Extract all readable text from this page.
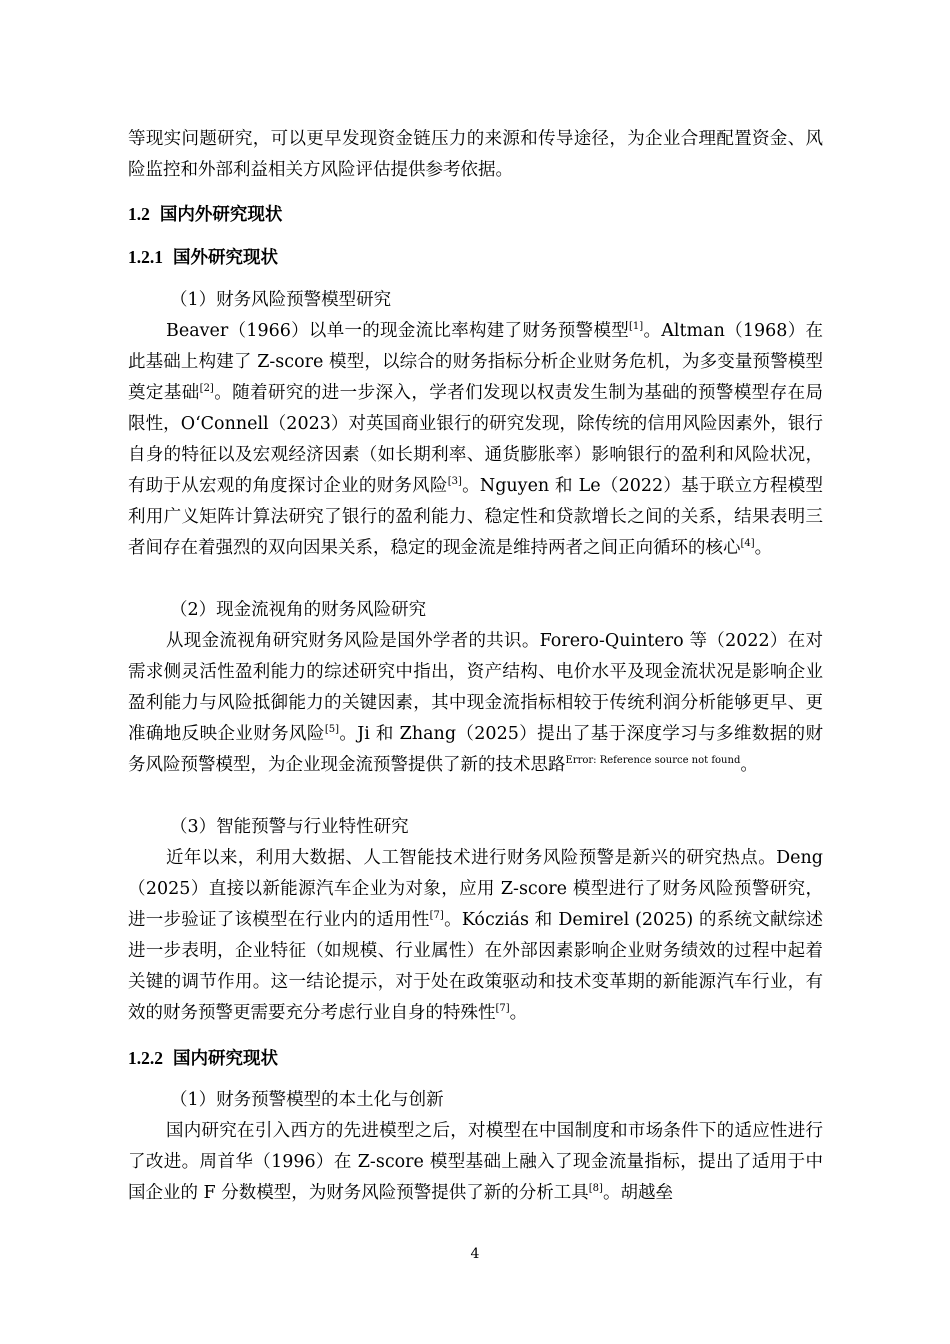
等现实问题研究，可以更早发现资金链压力的来源和传导途径，为企业合理配置资金、风险监控和外部利益相关方风险评估提供参考依据。

1.2 国内外研究现状
1.2.1 国外研究现状

（1）财务风险预警模型研究

Beaver（1966）以单一的现金流比率构建了财务预警模型[1]。Altman（1968）在此基础上构建了 Z-score 模型，以综合的财务指标分析企业财务危机，为多变量预警模型奠定基础[2]。随着研究的进一步深入，学者们发现以权责发生制为基础的预警模型存在局限性，O‘Connell（2023）对英国商业银行的研究发现，除传统的信用风险因素外，银行自身的特征以及宏观经济因素（如长期利率、通货膨胀率）影响银行的盈利和风险状况，有助于从宏观的角度探讨企业的财务风险[3]。Nguyen 和 Le（2022）基于联立方程模型利用广义矩阵计算法研究了银行的盈利能力、稳定性和贷款增长之间的关系，结果表明三者间存在着强烈的双向因果关系，稳定的现金流是维持两者之间正向循环的核心[4]。

（2）现金流视角的财务风险研究

从现金流视角研究财务风险是国外学者的共识。Forero-Quintero 等（2022）在对需求侧灵活性盈利能力的综述研究中指出，资产结构、电价水平及现金流状况是影响企业盈利能力与风险抵御能力的关键因素，其中现金流指标相较于传统利润分析能够更早、更准确地反映企业财务风险[5]。Ji 和 Zhang（2025）提出了基于深度学习与多维数据的财务风险预警模型，为企业现金流预警提供了新的技术思路$^{Error: Reference source not found}$。

（3）智能预警与行业特性研究

近年以来，利用大数据、人工智能技术进行财务风险预警是新兴的研究热点。Deng（2025）直接以新能源汽车企业为对象，应用 Z-score 模型进行了财务风险预警研究，进一步验证了该模型在行业内的适用性[7]。Kócziás 和 Demirel (2025) 的系统文献综述进一步表明，企业特征（如规模、行业属性）在外部因素影响企业财务绩效的过程中起着关键的调节作用。这一结论提示，对于处在政策驱动和技术变革期的新能源汽车行业，有效的财务预警更需要充分考虑行业自身的特殊性[7]。

1.2.2 国内研究现状

（1）财务预警模型的本土化与创新

国内研究在引入西方的先进模型之后，对模型在中国制度和市场条件下的适应性进行了改进。周首华（1996）在 Z-score 模型基础上融入了现金流量指标，提出了适用于中国企业的 F 分数模型，为财务风险预警提供了新的分析工具[8]。胡越垒

4
